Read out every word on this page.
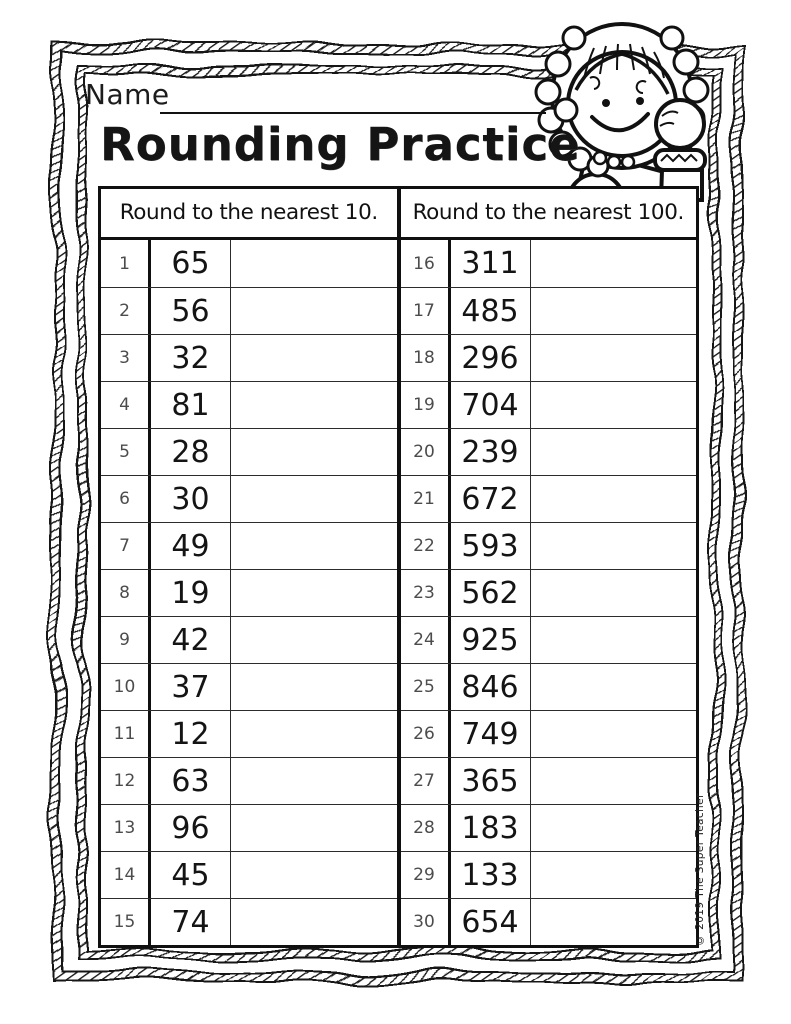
Name
Rounding Practice
Round to the nearest 10.
1	65
2	56
3	32
4	81
5	28
6	30
7	49
8	19
9	42
10	37
11	12
12	63
13	96
14	45
15	74
Round to the nearest 100.
16 311
17 485
18 296
19 704
20 239
21 672
22 593
23 562
24 925
25 846
26 749
27 365
28 183
29 133
30 654	© 2019 The Super Teacher
